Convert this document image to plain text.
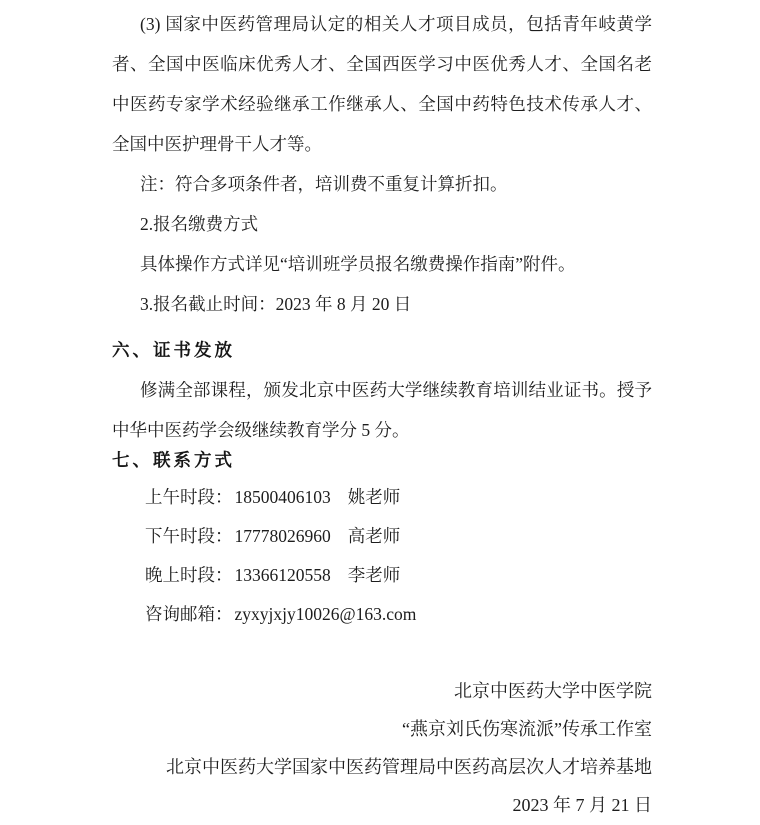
(3) 国家中医药管理局认定的相关人才项目成员，包括青年岐黄学者、全国中医临床优秀人才、全国西医学习中医优秀人才、全国名老中医药专家学术经验继承工作继承人、全国中药特色技术传承人才、全国中医护理骨干人才等。

注：符合多项条件者，培训费不重复计算折扣。

2.报名缴费方式

具体操作方式详见“培训班学员报名缴费操作指南”附件。

3.报名截止时间：2023 年 8 月 20 日

六、证书发放

修满全部课程，颁发北京中医药大学继续教育培训结业证书。授予中华中医药学会级继续教育学分 5 分。

七、联系方式
上午时段： 18500406103 姚老师
下午时段： 17778026960 高老师
晚上时段： 13366120558 李老师
咨询邮箱： zyxyjxjy10026@163.com
北京中医药大学中医学院
“燕京刘氏伤寒流派”传承工作室
北京中医药大学国家中医药管理局中医药高层次人才培养基地
2023 年 7 月 21 日
